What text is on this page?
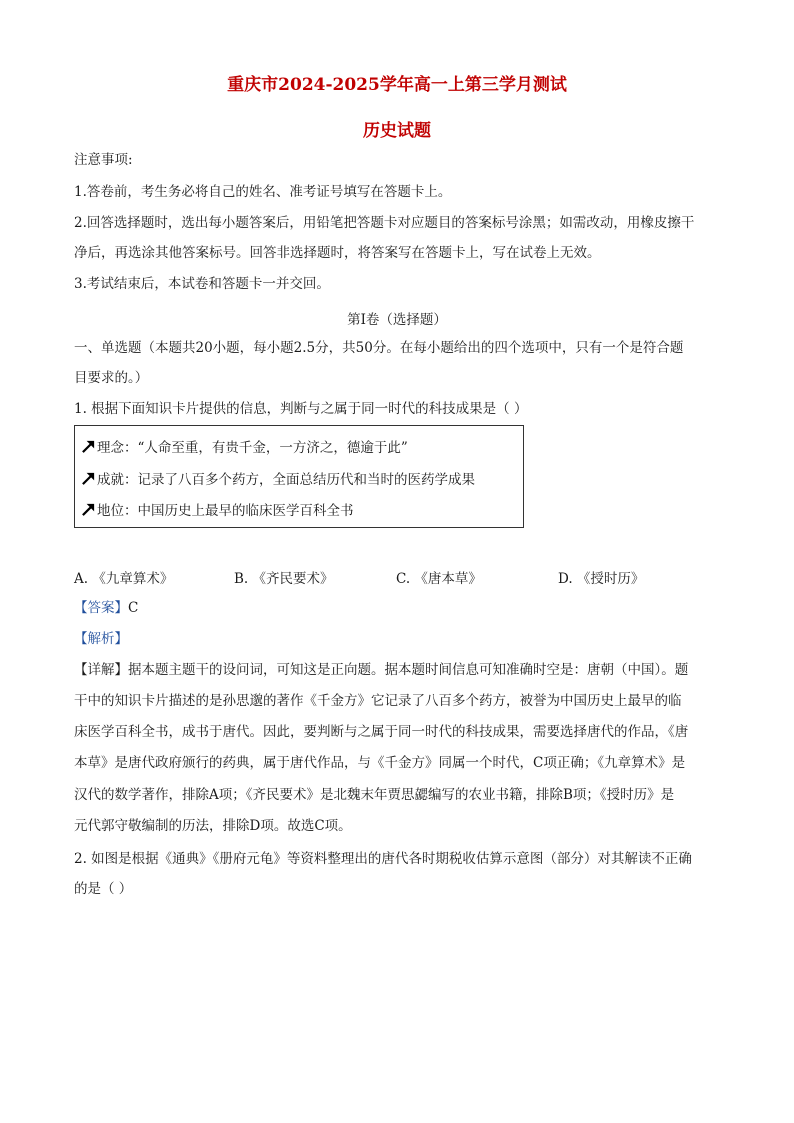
重庆市2024-2025学年高一上第三学月测试
历史试题
注意事项:
1.答卷前，考生务必将自己的姓名、准考证号填写在答题卡上。
2.回答选择题时，选出每小题答案后，用铅笔把答题卡对应题目的答案标号涂黑；如需改动，用橡皮擦干
净后，再选涂其他答案标号。回答非选择题时，将答案写在答题卡上，写在试卷上无效。
3.考试结束后，本试卷和答题卡一并交回。
第I卷（选择题）
一、单选题（本题共20小题，每小题2.5分，共50分。在每小题给出的四个选项中，只有一个是符合题
目要求的。）
1. 根据下面知识卡片提供的信息，判断与之属于同一时代的科技成果是（ ）
理念：“人命至重，有贵千金，一方济之，德逾于此”
成就：记录了八百多个药方，全面总结历代和当时的医药学成果
地位：中国历史上最早的临床医学百科全书
A. 《九章算术》	B. 《齐民要术》	C. 《唐本草》	D. 《授时历》
【答案】C
【解析】
【详解】据本题主题干的设问词，可知这是正向题。据本题时间信息可知准确时空是：唐朝（中国）。题
干中的知识卡片描述的是孙思邈的著作《千金方》它记录了八百多个药方，被誉为中国历史上最早的临
床医学百科全书，成书于唐代。因此，要判断与之属于同一时代的科技成果，需要选择唐代的作品，《唐
本草》是唐代政府颁行的药典，属于唐代作品，与《千金方》同属一个时代，C项正确；《九章算术》是
汉代的数学著作，排除A项；《齐民要术》是北魏末年贾思勰编写的农业书籍，排除B项；《授时历》是
元代郭守敬编制的历法，排除D项。故选C项。
2. 如图是根据《通典》《册府元龟》等资料整理出的唐代各时期税收估算示意图（部分）对其解读不正确
的是（ ）
